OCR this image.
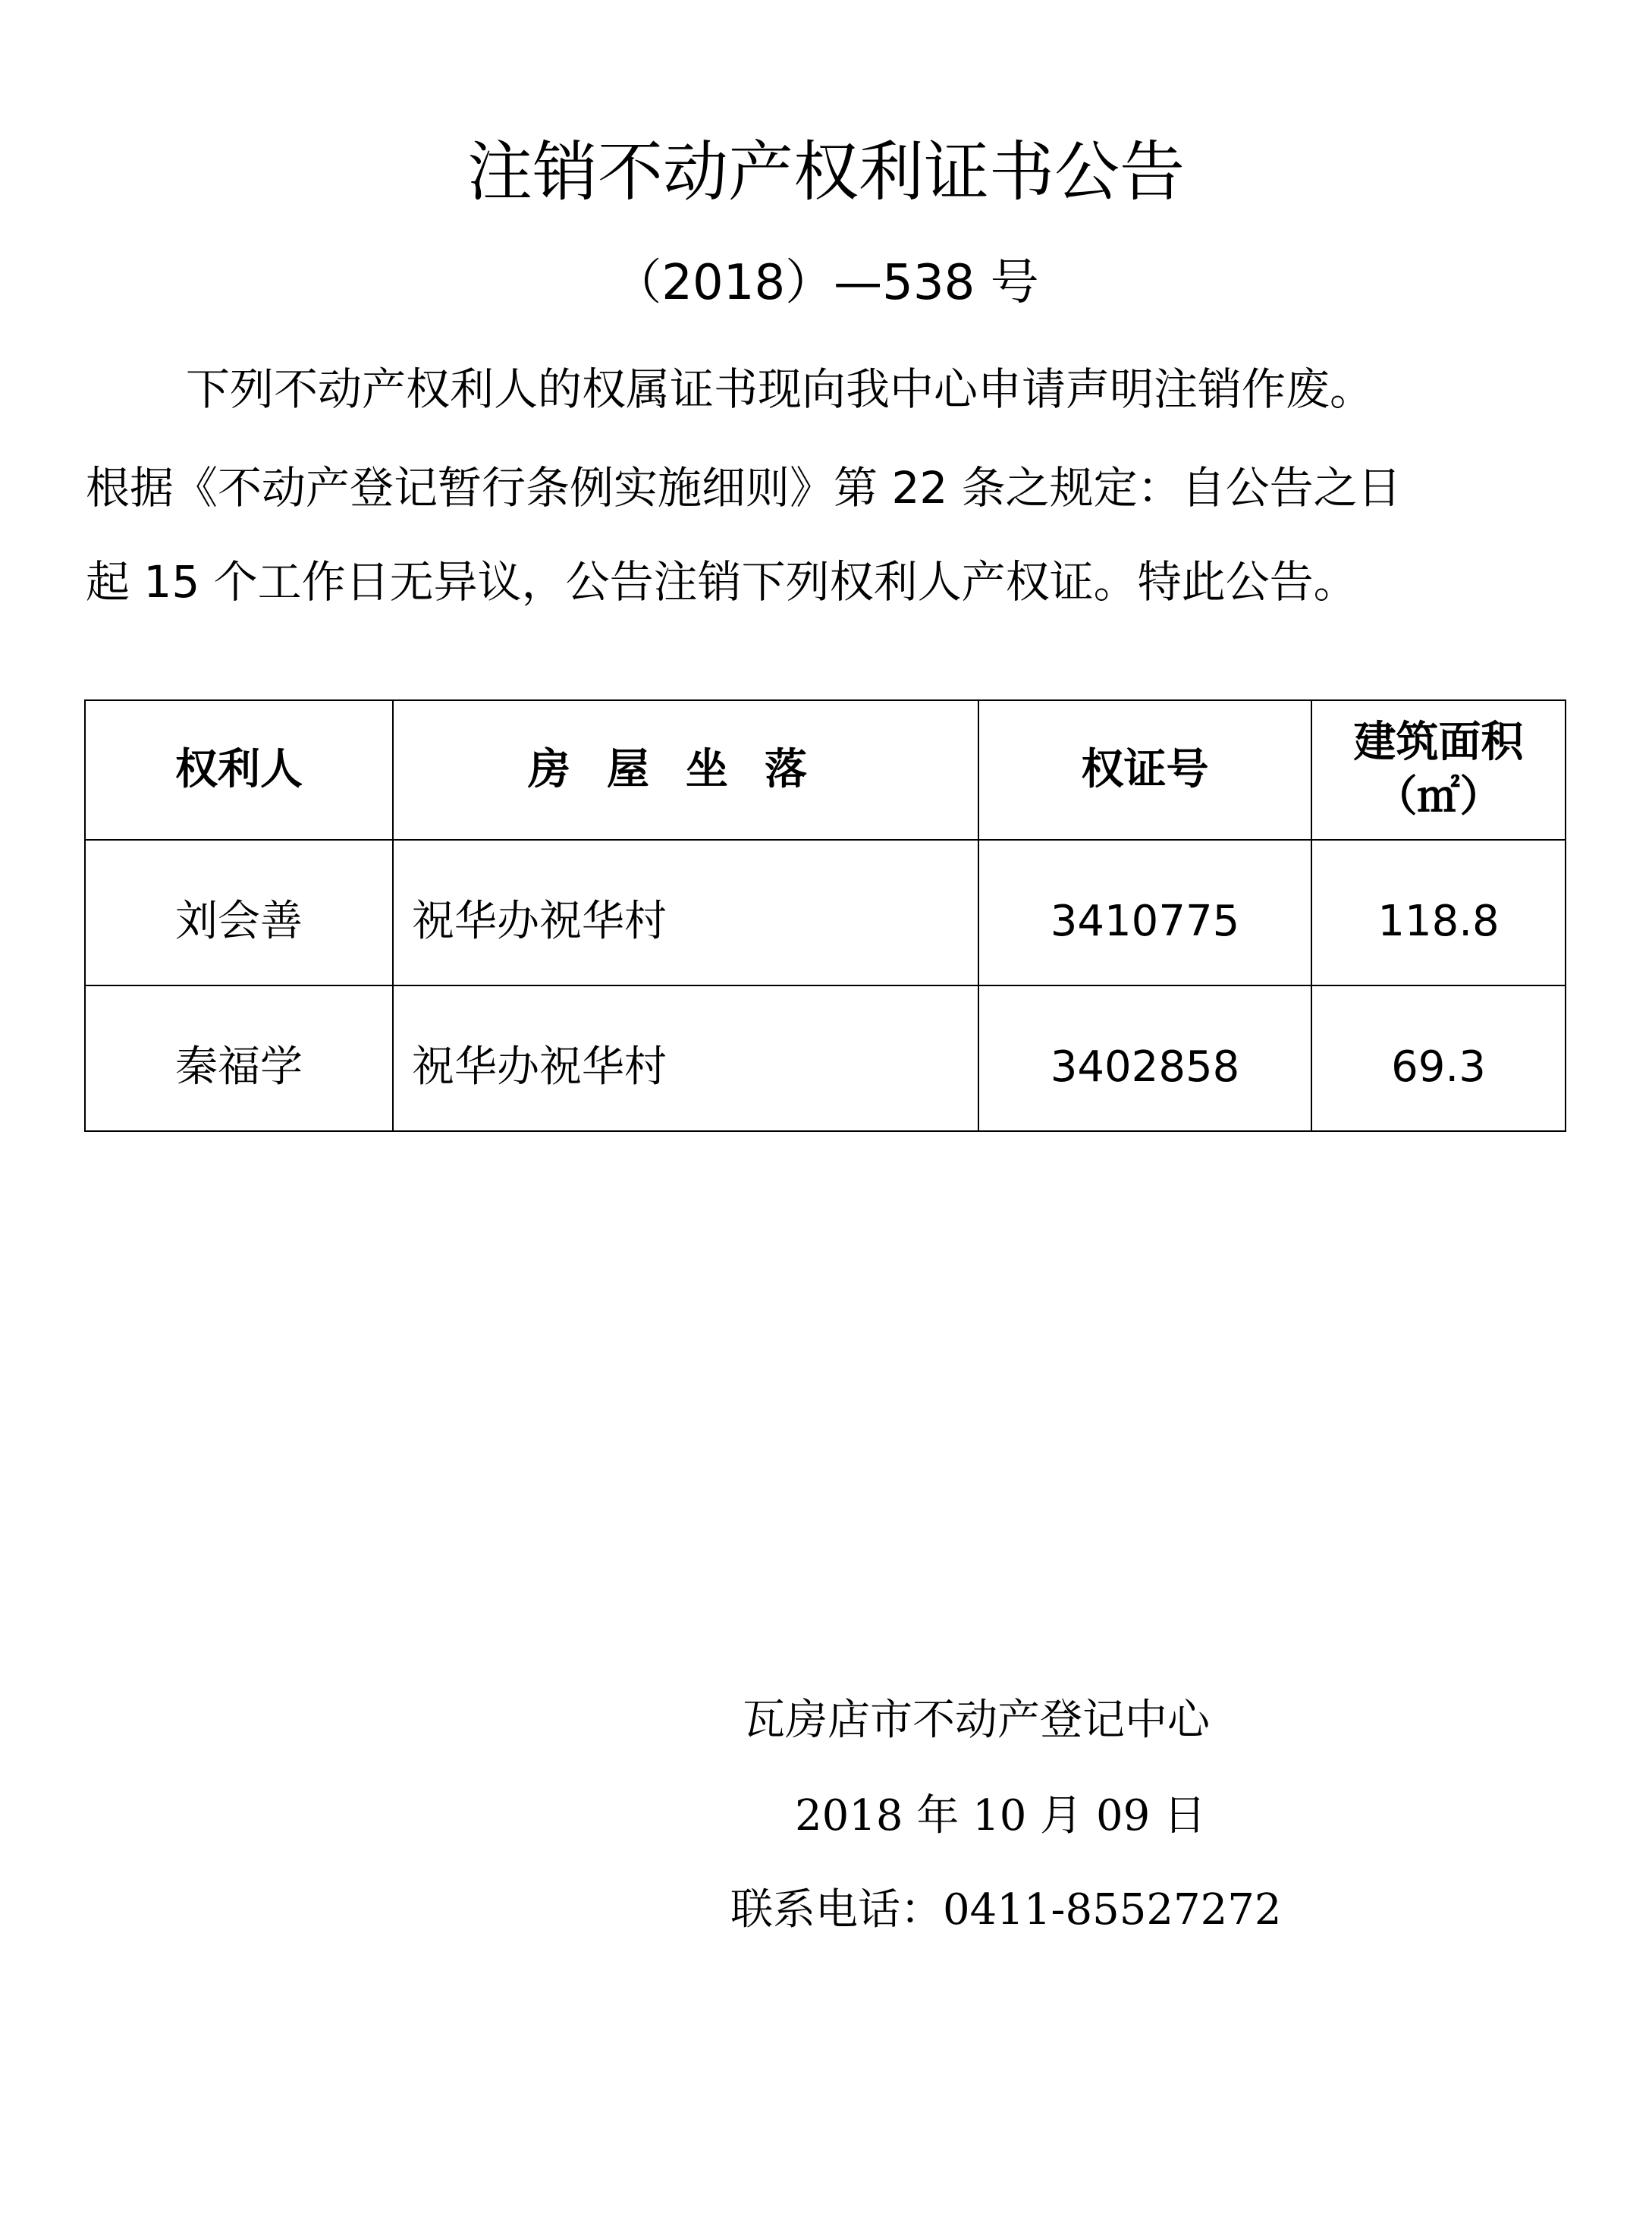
注销不动产权利证书公告
（2018）—538 号
下列不动产权利人的权属证书现向我中心申请声明注销作废。
根据《不动产登记暂行条例实施细则》第 22 条之规定：自公告之日
起 15 个工作日无异议，公告注销下列权利人产权证。特此公告。
权利人	房屋坐落	权证号	建筑面积
（㎡）

刘会善	祝华办祝华村	3410775	118.8
秦福学	祝华办祝华村	3402858	69.3
瓦房店市不动产登记中心
2018 年 10 月 09 日
联系电话：0411-85527272
